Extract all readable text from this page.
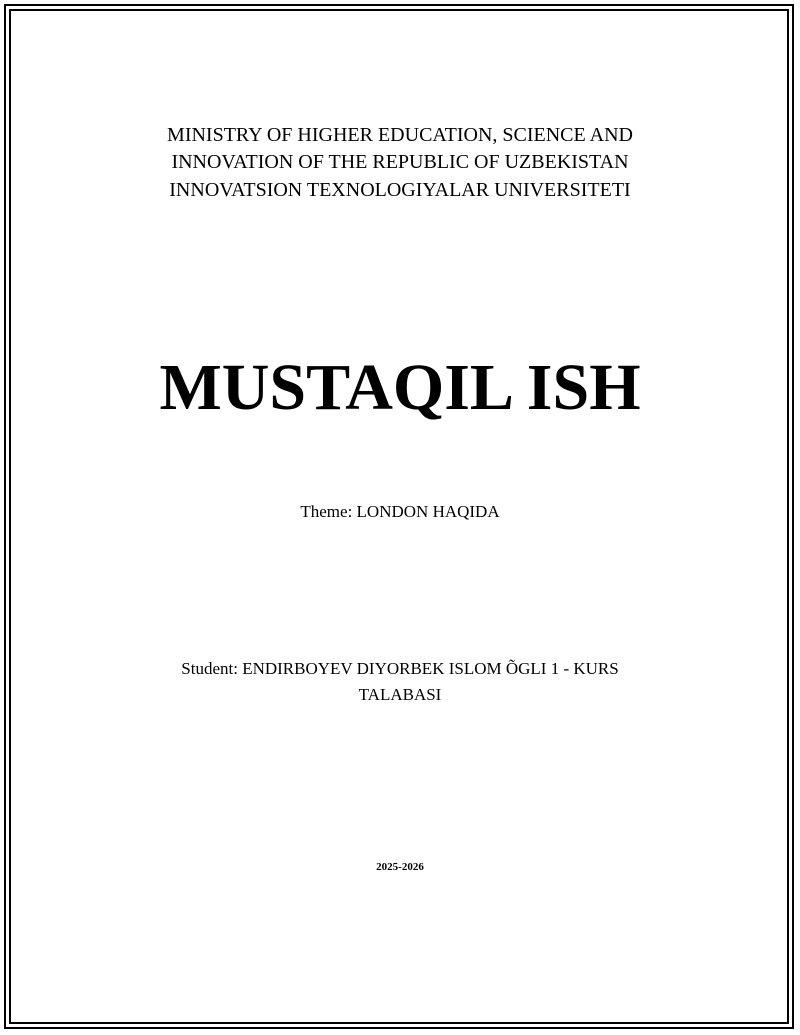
MINISTRY OF HIGHER EDUCATION, SCIENCE AND
INNOVATION OF THE REPUBLIC OF UZBEKISTAN
INNOVATSION TEXNOLOGIYALAR UNIVERSITETI
MUSTAQIL ISH
Theme: LONDON HAQIDA
Student: ENDIRBOYEV DIYORBEK ISLOM ÕGLI 1 - KURS
TALABASI
2025-2026
